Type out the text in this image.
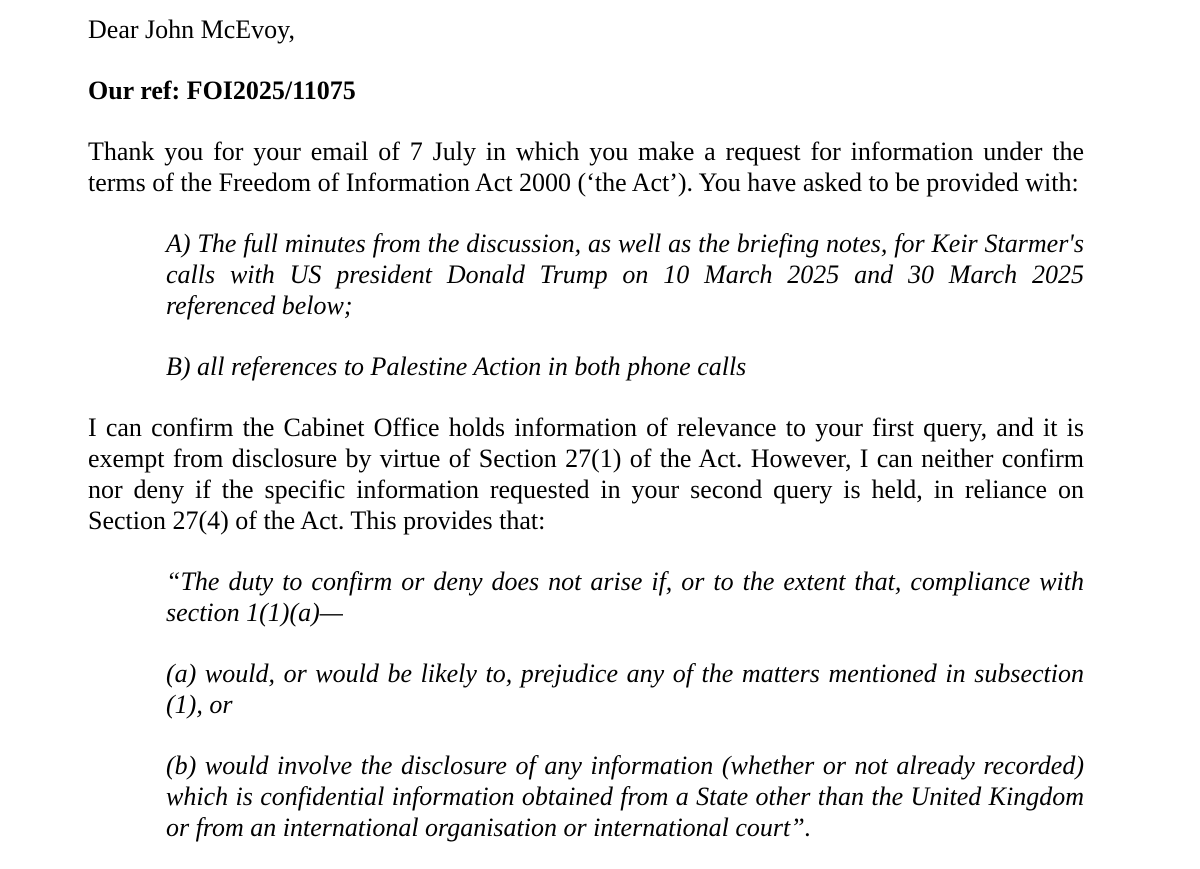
Dear John McEvoy,

Our ref: FOI2025/11075

Thank you for your email of 7 July in which you make a request for information under the terms of the Freedom of Information Act 2000 (‘the Act’). You have asked to be provided with:

A) The full minutes from the discussion, as well as the briefing notes, for Keir Starmer's calls with US president Donald Trump on 10 March 2025 and 30 March 2025 referenced below;

B) all references to Palestine Action in both phone calls

I can confirm the Cabinet Office holds information of relevance to your first query, and it is exempt from disclosure by virtue of Section 27(1) of the Act. However, I can neither confirm nor deny if the specific information requested in your second query is held, in reliance on Section 27(4) of the Act. This provides that:

“The duty to confirm or deny does not arise if, or to the extent that, compliance with section 1(1)(a)—

(a) would, or would be likely to, prejudice any of the matters mentioned in subsection (1), or

(b) would involve the disclosure of any information (whether or not already recorded) which is confidential information obtained from a State other than the United Kingdom or from an international organisation or international court”.
